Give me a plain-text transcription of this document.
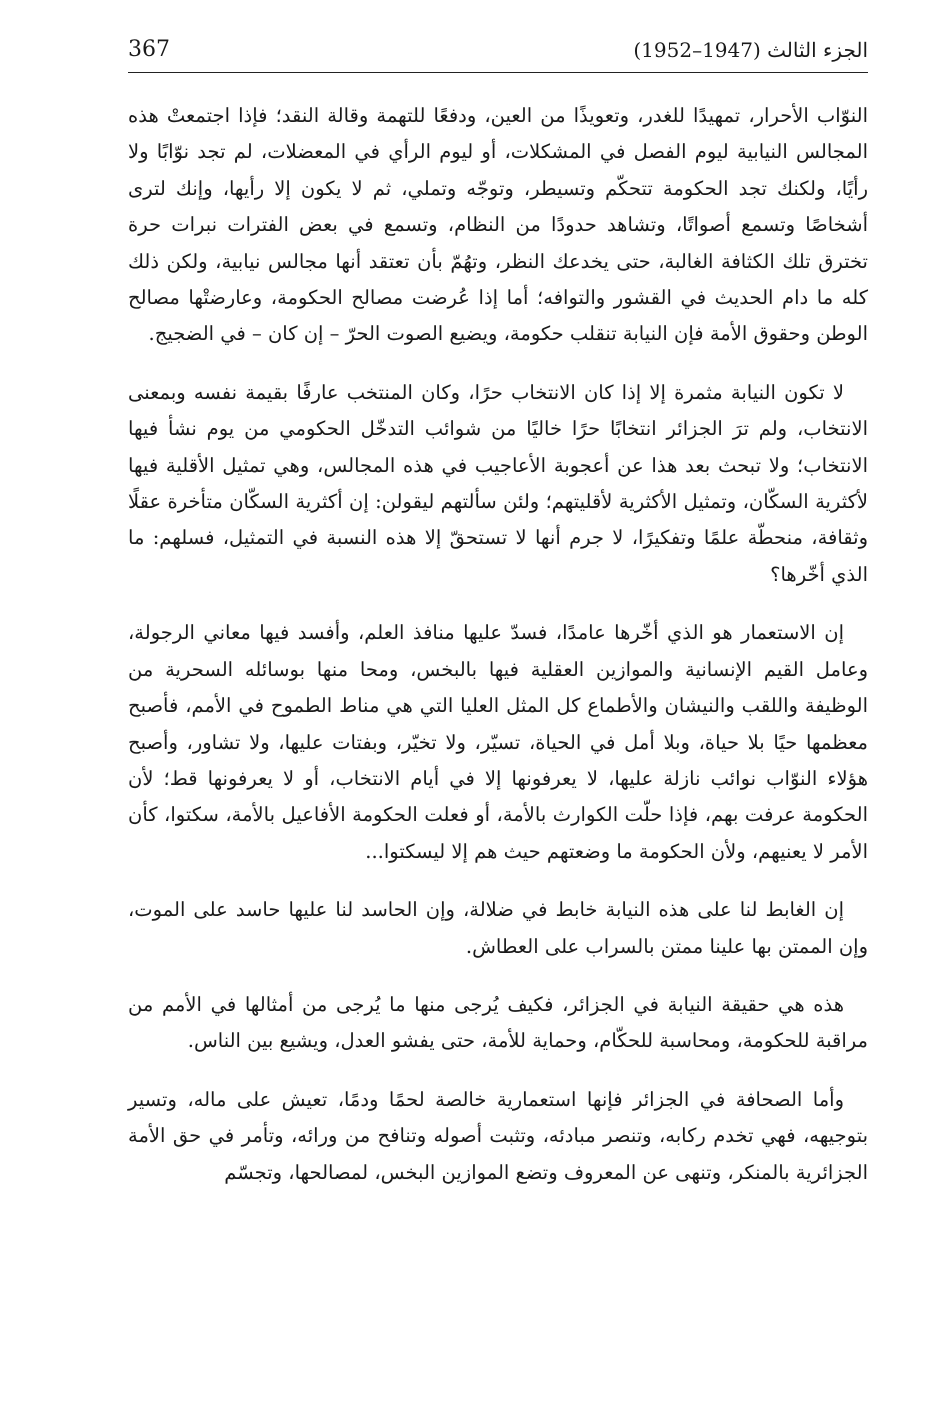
367	الجزء الثالث (1947–1952)

النوّاب الأحرار، تمهيدًا للغدر، وتعويذًا من العين، ودفعًا للتهمة وقالة النقد؛ فإذا اجتمعتْ هذه المجالس النيابية ليوم الفصل في المشكلات، أو ليوم الرأي في المعضلات، لم تجد نوّابًا ولا رأيًا، ولكنك تجد الحكومة تتحكّم وتسيطر، وتوجّه وتملي، ثم لا يكون إلا رأيها، وإنك لترى أشخاصًا وتسمع أصواتًا، وتشاهد حدودًا من النظام، وتسمع في بعض الفترات نبرات حرة تخترق تلك الكثافة الغالبة، حتى يخدعك النظر، وتهُمّ بأن تعتقد أنها مجالس نيابية، ولكن ذلك كله ما دام الحديث في القشور والتوافه؛ أما إذا عُرضت مصالح الحكومة، وعارضتْها مصالح الوطن وحقوق الأمة فإن النيابة تنقلب حكومة، ويضيع الصوت الحرّ – إن كان – في الضجيج.

لا تكون النيابة مثمرة إلا إذا كان الانتخاب حرًا، وكان المنتخب عارفًا بقيمة نفسه وبمعنى الانتخاب، ولم ترَ الجزائر انتخابًا حرًا خاليًا من شوائب التدخّل الحكومي من يوم نشأ فيها الانتخاب؛ ولا تبحث بعد هذا عن أعجوبة الأعاجيب في هذه المجالس، وهي تمثيل الأقلية فيها لأكثرية السكّان، وتمثيل الأكثرية لأقليتهم؛ ولئن سألتهم ليقولن: إن أكثرية السكّان متأخرة عقلًا وثقافة، منحطّة علمًا وتفكيرًا، لا جرم أنها لا تستحقّ إلا هذه النسبة في التمثيل، فسلهم: ما الذي أخّرها؟

إن الاستعمار هو الذي أخّرها عامدًا، فسدّ عليها منافذ العلم، وأفسد فيها معاني الرجولة، وعامل القيم الإنسانية والموازين العقلية فيها بالبخس، ومحا منها بوسائله السحرية من الوظيفة واللقب والنيشان والأطماع كل المثل العليا التي هي مناط الطموح في الأمم، فأصبح معظمها حيًا بلا حياة، وبلا أمل في الحياة، تسيّر، ولا تخيّر، وبفتات عليها، ولا تشاور، وأصبح هؤلاء النوّاب نوائب نازلة عليها، لا يعرفونها إلا في أيام الانتخاب، أو لا يعرفونها قط؛ لأن الحكومة عرفت بهم، فإذا حلّت الكوارث بالأمة، أو فعلت الحكومة الأفاعيل بالأمة، سكتوا، كأن الأمر لا يعنيهم، ولأن الحكومة ما وضعتهم حيث هم إلا ليسكتوا...

إن الغابط لنا على هذه النيابة خابط في ضلالة، وإن الحاسد لنا عليها حاسد على الموت، وإن الممتن بها علينا ممتن بالسراب على العطاش.

هذه هي حقيقة النيابة في الجزائر، فكيف يُرجى منها ما يُرجى من أمثالها في الأمم من مراقبة للحكومة، ومحاسبة للحكّام، وحماية للأمة، حتى يفشو العدل، ويشيع بين الناس.

وأما الصحافة في الجزائر فإنها استعمارية خالصة لحمًا ودمًا، تعيش على ماله، وتسير بتوجيهه، فهي تخدم ركابه، وتنصر مبادئه، وتثبت أصوله وتنافح من ورائه، وتأمر في حق الأمة الجزائرية بالمنكر، وتنهى عن المعروف وتضع الموازين البخس، لمصالحها، وتجسّم
